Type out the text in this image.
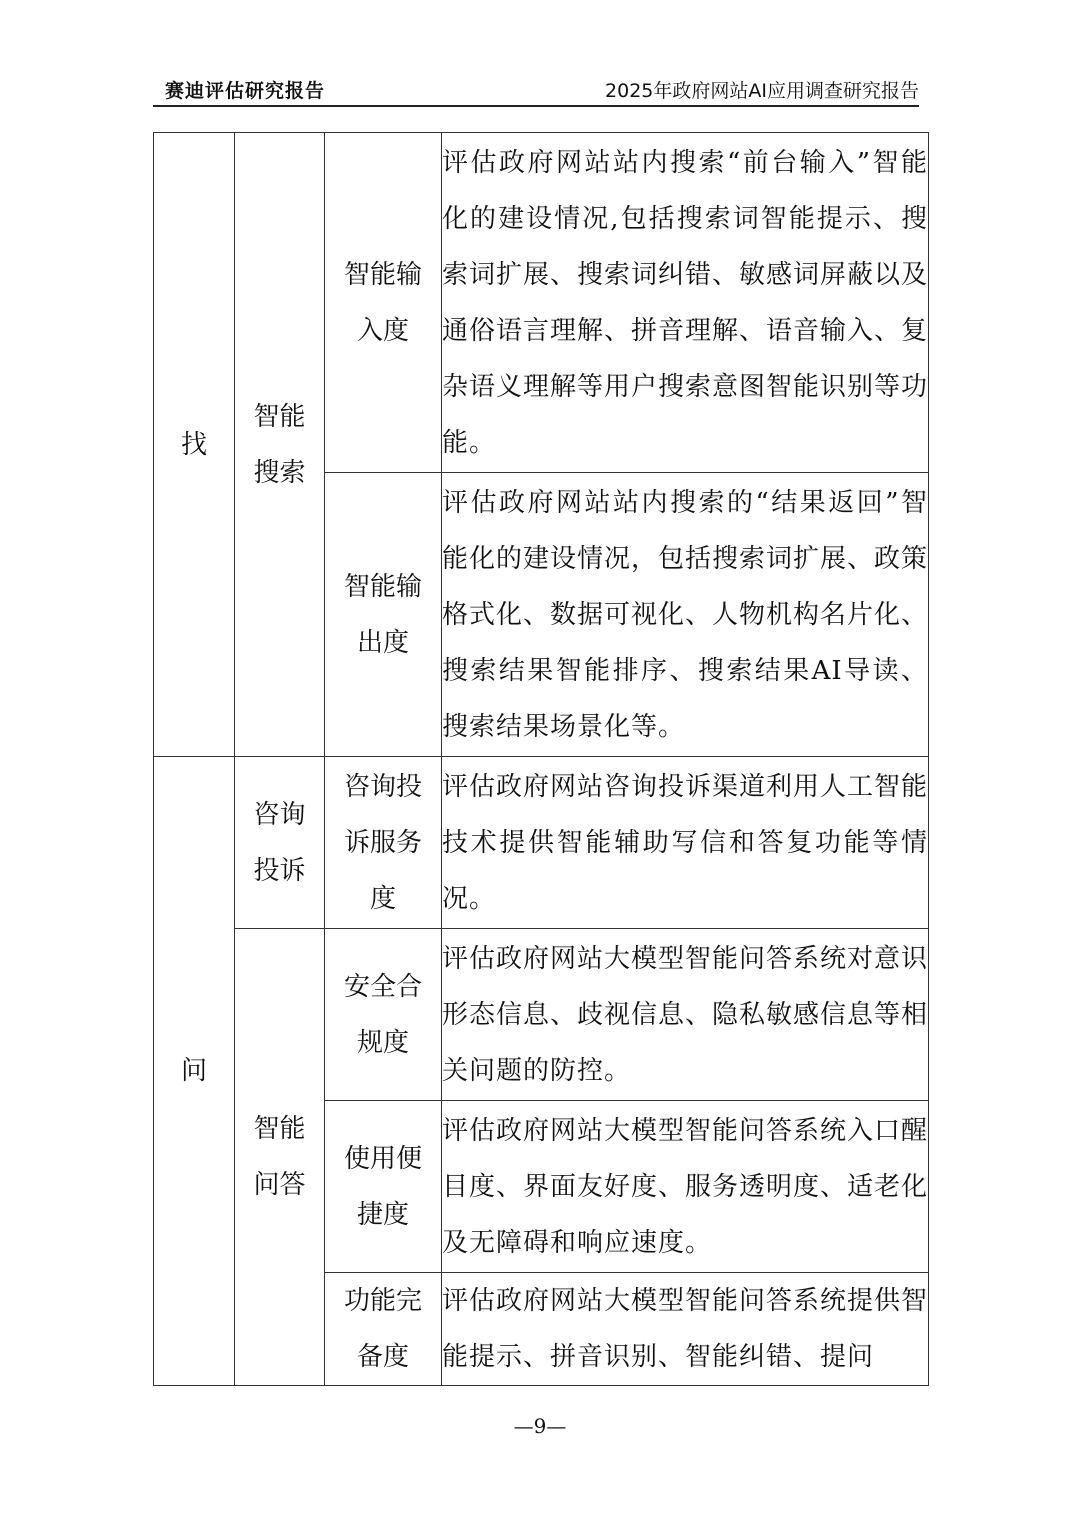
赛迪评估研究报告	2025年政府网站AI应用调查研究报告
找	智能搜索	智能输入度	评估政府网站站内搜索“前台输入”智能化的建设情况,包括搜索词智能提示、搜索词扩展、搜索词纠错、敏感词屏蔽以及通俗语言理解、拼音理解、语音输入、复杂语义理解等用户搜索意图智能识别等功能。
		智能输出度	评估政府网站站内搜索的“结果返回”智能化的建设情况，包括搜索词扩展、政策格式化、数据可视化、人物机构名片化、搜索结果智能排序、搜索结果AI导读、搜索结果场景化等。
问	咨询投诉	咨询投诉服务度	评估政府网站咨询投诉渠道利用人工智能技术提供智能辅助写信和答复功能等情况。
	智能问答	安全合规度	评估政府网站大模型智能问答系统对意识形态信息、歧视信息、隐私敏感信息等相关问题的防控。
		使用便捷度	评估政府网站大模型智能问答系统入口醒目度、界面友好度、服务透明度、适老化及无障碍和响应速度。
		功能完备度	评估政府网站大模型智能问答系统提供智能提示、拼音识别、智能纠错、提问
—9—
